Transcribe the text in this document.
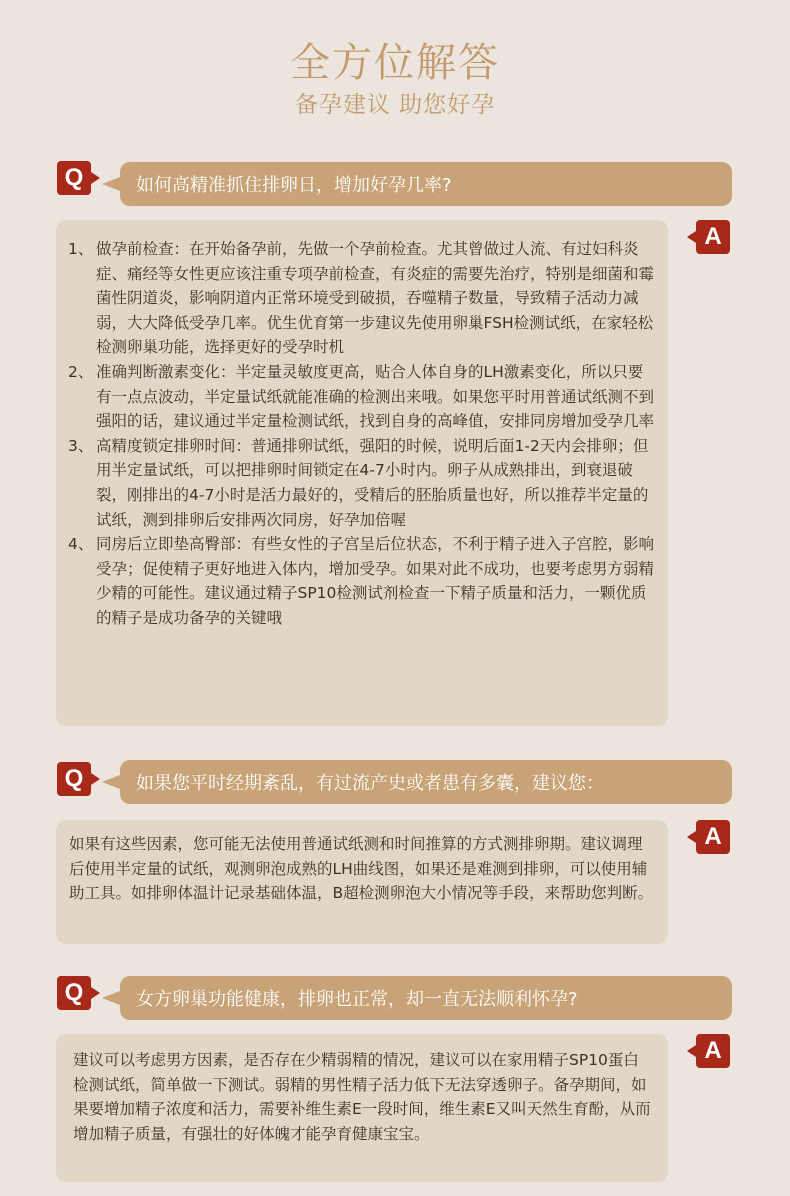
全方位解答
备孕建议 助您好孕
Q	如何高精准抓住排卵日，增加好孕几率?
1、 做孕前检查：在开始备孕前，先做一个孕前检查。尤其曾做过人流、有过妇科炎症、痛经等女性更应该注重专项孕前检查，有炎症的需要先治疗，特别是细菌和霉菌性阴道炎，影响阴道内正常环境受到破损，吞噬精子数量，导致精子活动力减弱，大大降低受孕几率。优生优育第一步建议先使用卵巢FSH检测试纸，在家轻松检测卵巢功能，选择更好的受孕时机
2、 准确判断激素变化：半定量灵敏度更高，贴合人体自身的LH激素变化，所以只要有一点点波动，半定量试纸就能准确的检测出来哦。如果您平时用普通试纸测不到强阳的话，建议通过半定量检测试纸，找到自身的高峰值，安排同房增加受孕几率
3、 高精度锁定排卵时间：普通排卵试纸，强阳的时候，说明后面1-2天内会排卵；但用半定量试纸，可以把排卵时间锁定在4-7小时内。卵子从成熟排出，到衰退破裂，刚排出的4-7小时是活力最好的，受精后的胚胎质量也好，所以推荐半定量的试纸，测到排卵后安排两次同房，好孕加倍喔
4、 同房后立即垫高臀部：有些女性的子宫呈后位状态，不利于精子进入子宫腔，影响受孕；促使精子更好地进入体内，增加受孕。如果对此不成功，也要考虑男方弱精少精的可能性。建议通过精子SP10检测试剂检查一下精子质量和活力，一颗优质的精子是成功备孕的关键哦
A
Q	如果您平时经期紊乱，有过流产史或者患有多囊，建议您：

如果有这些因素，您可能无法使用普通试纸测和时间推算的方式测排卵期。建议调理后使用半定量的试纸，观测卵泡成熟的LH曲线图，如果还是难测到排卵，可以使用辅助工具。如排卵体温计记录基础体温，B超检测卵泡大小情况等手段，来帮助您判断。

A
Q	女方卵巢功能健康，排卵也正常，却一直无法顺利怀孕?

建议可以考虑男方因素，是否存在少精弱精的情况，建议可以在家用精子SP10蛋白检测试纸，简单做一下测试。弱精的男性精子活力低下无法穿透卵子。备孕期间，如果要增加精子浓度和活力，需要补维生素E一段时间，维生素E又叫天然生育酚，从而增加精子质量，有强壮的好体魄才能孕育健康宝宝。

A
